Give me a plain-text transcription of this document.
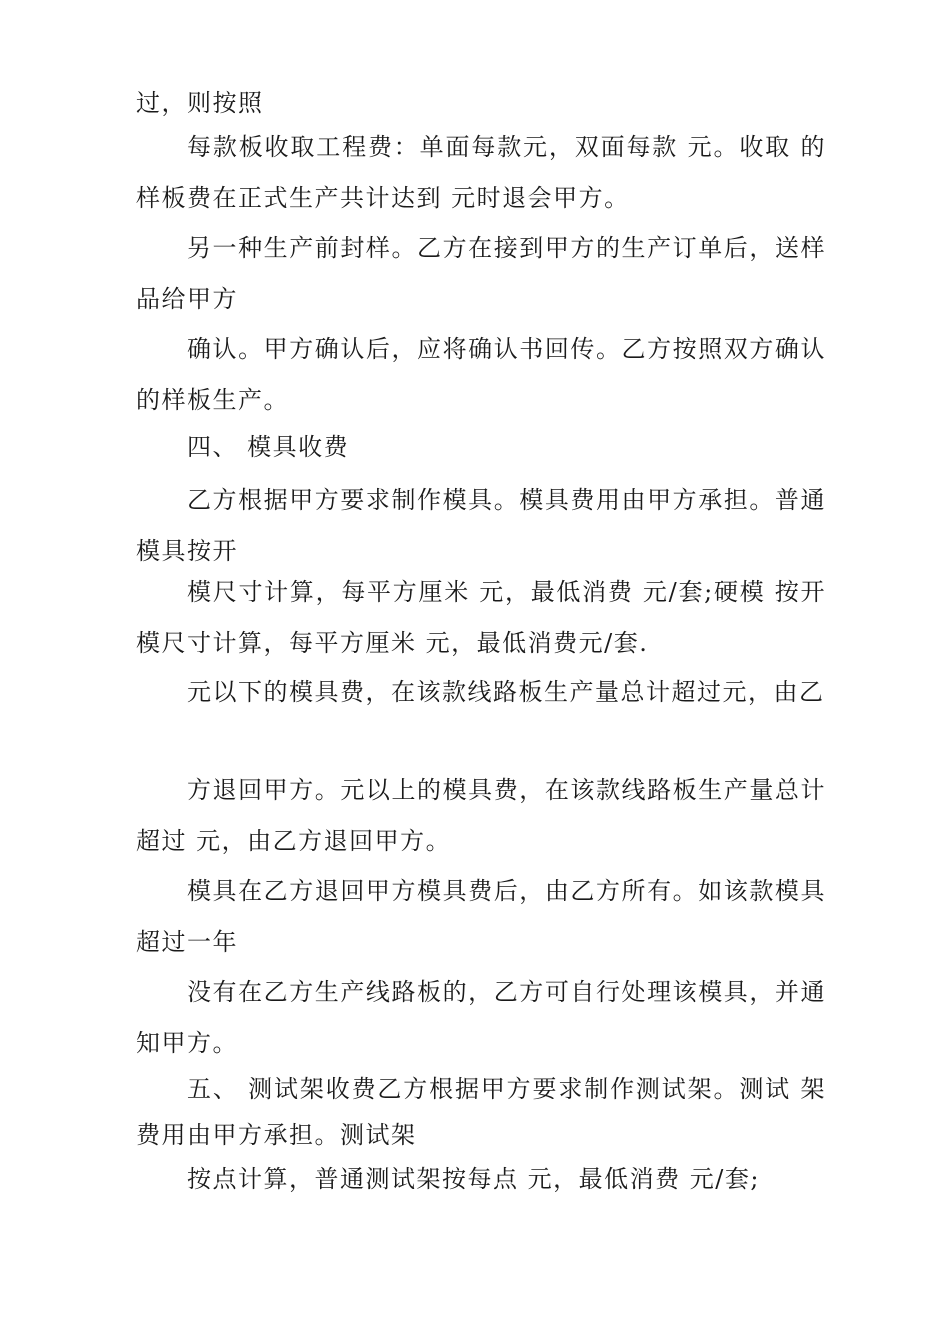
过，则按照

每款板收取工程费：单面每款元，双面每款 元。收取 的样板费在正式生产共计达到 元时退会甲方。

另一种生产前封样。乙方在接到甲方的生产订单后，送样品给甲方

确认。甲方确认后，应将确认书回传。乙方按照双方确认的样板生产。

四、 模具收费

乙方根据甲方要求制作模具。模具费用由甲方承担。普通模具按开

模尺寸计算，每平方厘米 元，最低消费 元/套;硬模 按开模尺寸计算，每平方厘米 元，最低消费元/套.

元以下的模具费，在该款线路板生产量总计超过元，由乙

方退回甲方。元以上的模具费，在该款线路板生产量总计超过 元，由乙方退回甲方。

模具在乙方退回甲方模具费后，由乙方所有。如该款模具超过一年

没有在乙方生产线路板的，乙方可自行处理该模具，并通知甲方。

五、 测试架收费乙方根据甲方要求制作测试架。测试 架费用由甲方承担。测试架

按点计算，普通测试架按每点 元，最低消费 元/套;
